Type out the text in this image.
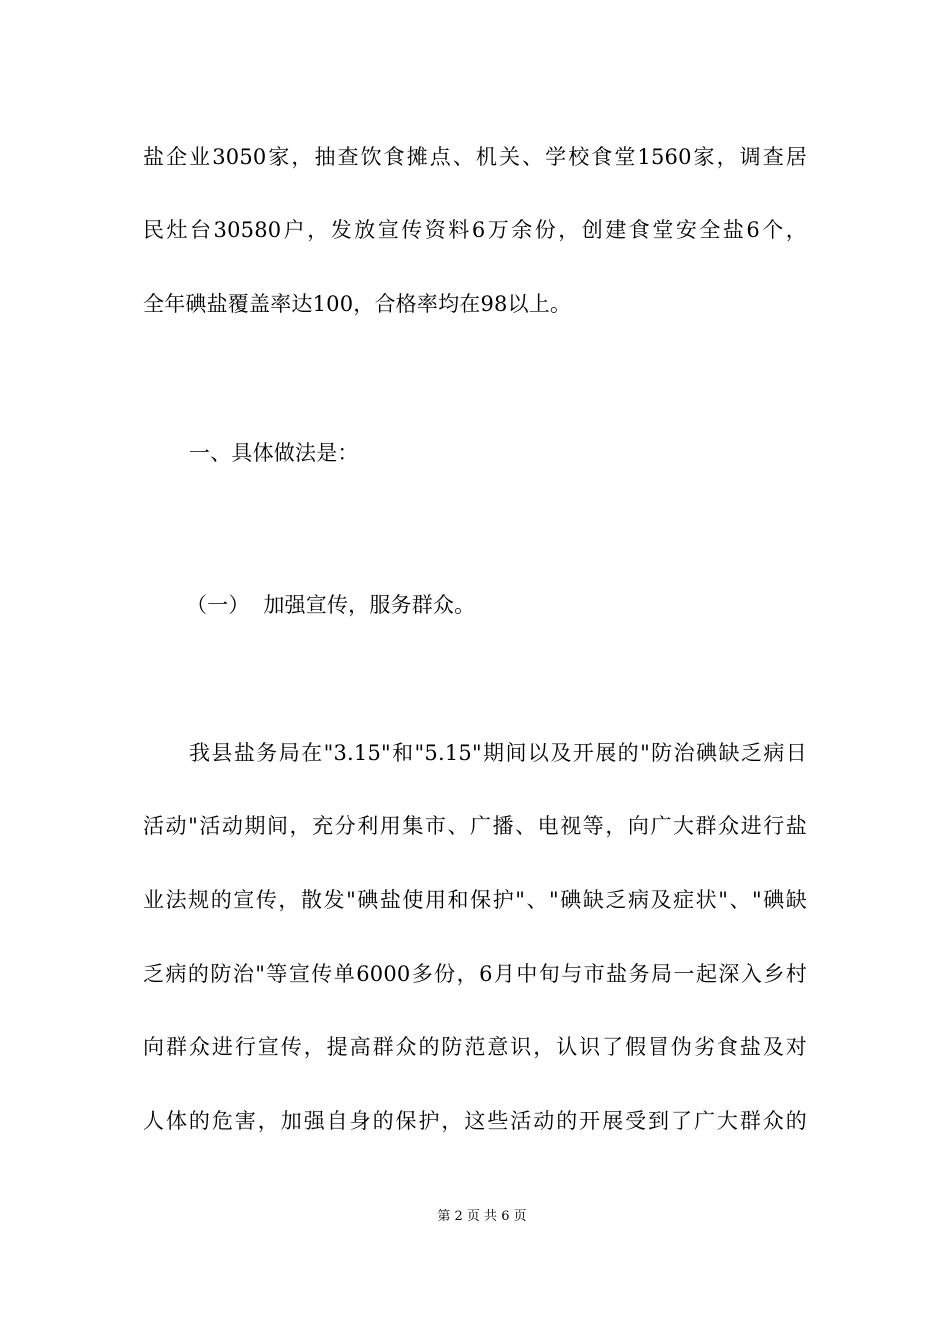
盐企业3050家，抽查饮食摊点、机关、学校食堂1560家，调查居
民灶台30580户，发放宣传资料6万余份，创建食堂安全盐6个，
全年碘盐覆盖率达100，合格率均在98以上。
一、具体做法是：
（一）  加强宣传，服务群众。
我县盐务局在"3.15"和"5.15"期间以及开展的"防治碘缺乏病日
活动"活动期间，充分利用集市、广播、电视等，向广大群众进行盐
业法规的宣传，散发"碘盐使用和保护"、"碘缺乏病及症状"、"碘缺
乏病的防治"等宣传单6000多份，6月中旬与市盐务局一起深入乡村
向群众进行宣传，提高群众的防范意识，认识了假冒伪劣食盐及对
人体的危害，加强自身的保护，这些活动的开展受到了广大群众的
第 2 页 共 6 页
